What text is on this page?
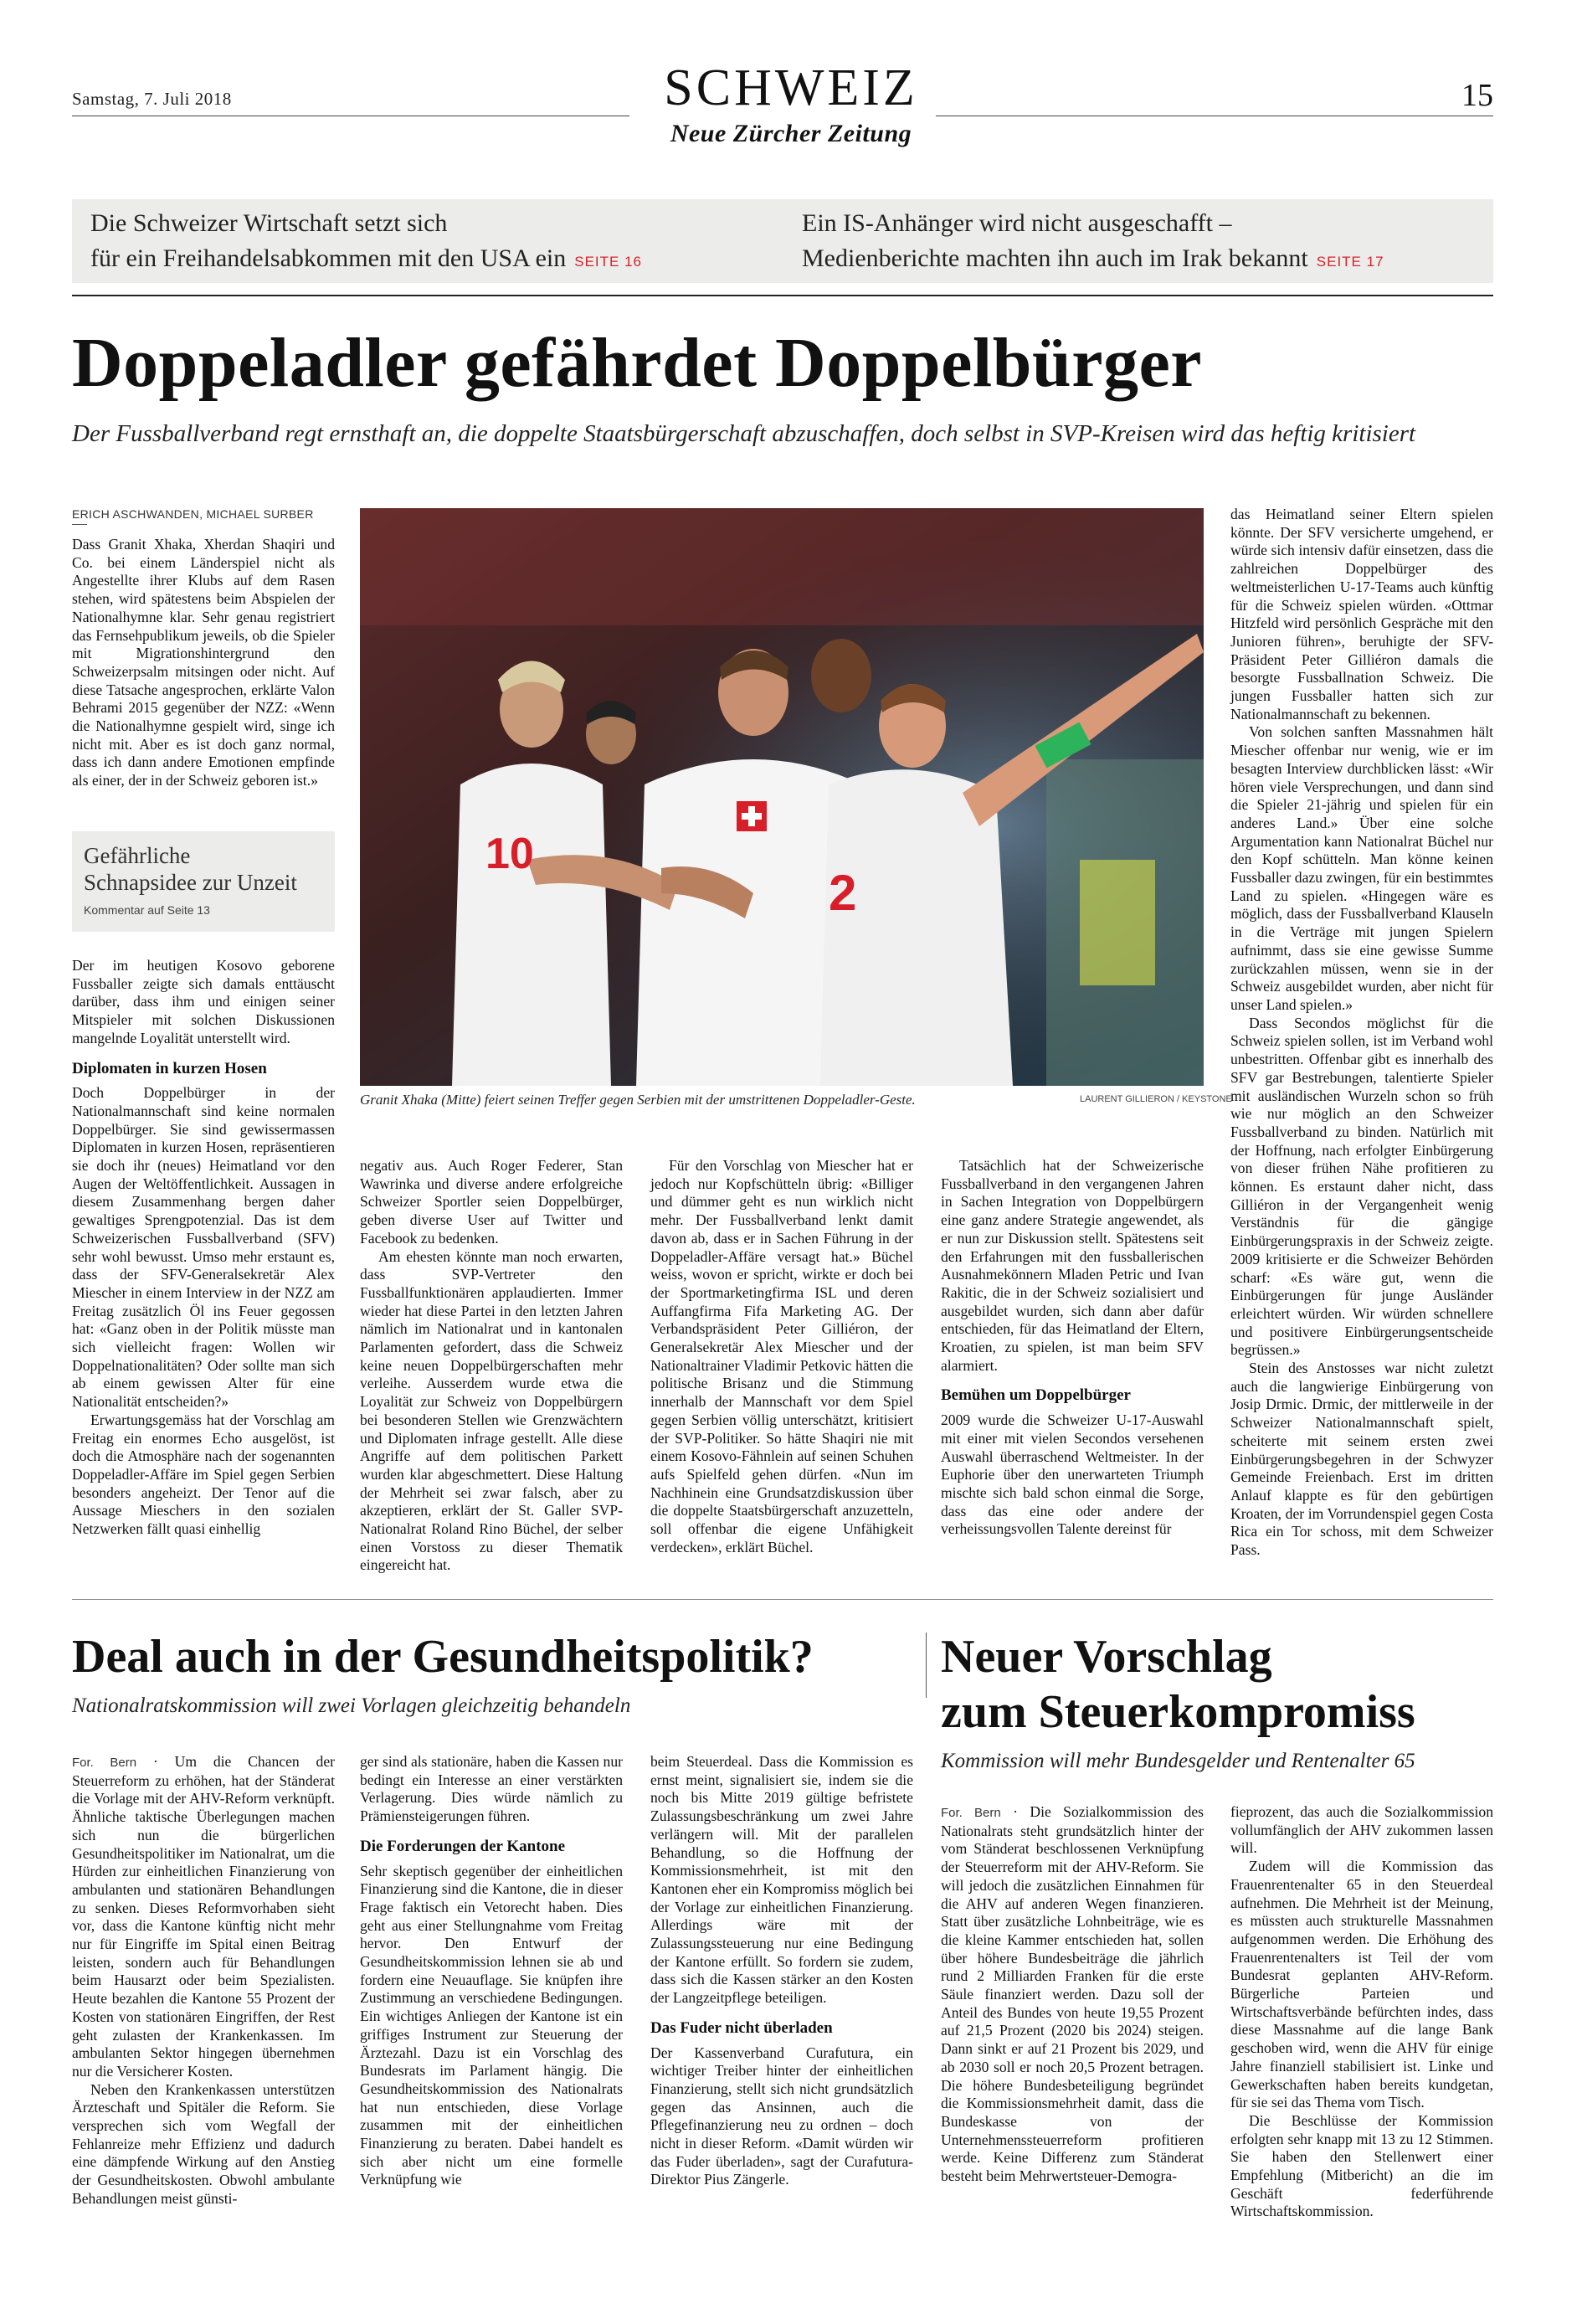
Samstag, 7. Juli 2018	SCHWEIZ
Neue Zürcher Zeitung
15
Die Schweizer Wirtschaft setzt sich
für ein Freihandelsabkommen mit den USA ein SEITE 16
Ein IS-Anhänger wird nicht ausgeschafft –
Medienberichte machten ihn auch im Irak bekannt SEITE 17
Doppeladler gefährdet Doppelbürger
Der Fussballverband regt ernsthaft an, die doppelte Staatsbürgerschaft abzuschaffen, doch selbst in SVP-Kreisen wird das heftig kritisiert
ERICH ASCHWANDEN, MICHAEL SURBER

Dass Granit Xhaka, Xherdan Shaqiri und Co. bei einem Länderspiel nicht als Angestellte ihrer Klubs auf dem Rasen stehen, wird spätestens beim Abspielen der Nationalhymne klar. Sehr genau registriert das Fernsehpublikum jeweils, ob die Spieler mit Migrationshintergrund den Schweizerpsalm mitsingen oder nicht. Auf diese Tatsache angesprochen, erklärte Valon Behrami 2015 gegenüber der NZZ: «Wenn die Nationalhymne gespielt wird, singe ich nicht mit. Aber es ist doch ganz normal, dass ich dann andere Emotionen empfinde als einer, der in der Schweiz geboren ist.»

Gefährliche
Schnapsidee zur Unzeit
Kommentar auf Seite 13

Der im heutigen Kosovo geborene Fussballer zeigte sich damals enttäuscht darüber, dass ihm und einigen seiner Mitspieler mit solchen Diskussionen mangelnde Loyalität unterstellt wird.

Diplomaten in kurzen Hosen

Doch Doppelbürger in der Nationalmannschaft sind keine normalen Doppelbürger. Sie sind gewissermassen Diplomaten in kurzen Hosen, repräsentieren sie doch ihr (neues) Heimatland vor den Augen der Weltöffentlichkeit. Aussagen in diesem Zusammenhang bergen daher gewaltiges Sprengpotenzial. Das ist dem Schweizerischen Fussballverband (SFV) sehr wohl bewusst. Umso mehr erstaunt es, dass der SFV-Generalsekretär Alex Miescher in einem Interview in der NZZ am Freitag zusätzlich Öl ins Feuer gegossen hat: «Ganz oben in der Politik müsste man sich vielleicht fragen: Wollen wir Doppelnationalitäten? Oder sollte man sich ab einem gewissen Alter für eine Nationalität entscheiden?»

Erwartungsgemäss hat der Vorschlag am Freitag ein enormes Echo ausgelöst, ist doch die Atmosphäre nach der sogenannten Doppeladler-Affäre im Spiel gegen Serbien besonders angeheizt. Der Tenor auf die Aussage Mieschers in den sozialen Netzwerken fällt quasi einhellig

10
2
Granit Xhaka (Mitte) feiert seinen Treffer gegen Serbien mit der umstrittenen Doppeladler-Geste.	LAURENT GILLIERON / KEYSTONE

negativ aus. Auch Roger Federer, Stan Wawrinka und diverse andere erfolgreiche Schweizer Sportler seien Doppelbürger, geben diverse User auf Twitter und Facebook zu bedenken.

Am ehesten könnte man noch erwarten, dass SVP-Vertreter den Fussballfunktionären applaudierten. Immer wieder hat diese Partei in den letzten Jahren nämlich im Nationalrat und in kantonalen Parlamenten gefordert, dass die Schweiz keine neuen Doppelbürgerschaften mehr verleihe. Ausserdem wurde etwa die Loyalität zur Schweiz von Doppelbürgern bei besonderen Stellen wie Grenzwächtern und Diplomaten infrage gestellt. Alle diese Angriffe auf dem politischen Parkett wurden klar abgeschmettert. Diese Haltung der Mehrheit sei zwar falsch, aber zu akzeptieren, erklärt der St. Galler SVP-Nationalrat Roland Rino Büchel, der selber einen Vorstoss zu dieser Thematik eingereicht hat.

Für den Vorschlag von Miescher hat er jedoch nur Kopfschütteln übrig: «Billiger und dümmer geht es nun wirklich nicht mehr. Der Fussballverband lenkt damit davon ab, dass er in Sachen Führung in der Doppeladler-Affäre versagt hat.» Büchel weiss, wovon er spricht, wirkte er doch bei der Sportmarketingfirma ISL und deren Auffangfirma Fifa Marketing AG. Der Verbandspräsident Peter Gilliéron, der Generalsekretär Alex Miescher und der Nationaltrainer Vladimir Petkovic hätten die politische Brisanz und die Stimmung innerhalb der Mannschaft vor dem Spiel gegen Serbien völlig unterschätzt, kritisiert der SVP-Politiker. So hätte Shaqiri nie mit einem Kosovo-Fähnlein auf seinen Schuhen aufs Spielfeld gehen dürfen. «Nun im Nachhinein eine Grundsatzdiskussion über die doppelte Staatsbürgerschaft anzuzetteln, soll offenbar die eigene Unfähigkeit verdecken», erklärt Büchel.

Tatsächlich hat der Schweizerische Fussballverband in den vergangenen Jahren in Sachen Integration von Doppelbürgern eine ganz andere Strategie angewendet, als er nun zur Diskussion stellt. Spätestens seit den Erfahrungen mit den fussballerischen Ausnahmekönnern Mladen Petric und Ivan Rakitic, die in der Schweiz sozialisiert und ausgebildet wurden, sich dann aber dafür entschieden, für das Heimatland der Eltern, Kroatien, zu spielen, ist man beim SFV alarmiert.

Bemühen um Doppelbürger

2009 wurde die Schweizer U-17-Auswahl mit einer mit vielen Secondos versehenen Auswahl überraschend Weltmeister. In der Euphorie über den unerwarteten Triumph mischte sich bald schon einmal die Sorge, dass das eine oder andere der verheissungsvollen Talente dereinst für

das Heimatland seiner Eltern spielen könnte. Der SFV versicherte umgehend, er würde sich intensiv dafür einsetzen, dass die zahlreichen Doppelbürger des weltmeisterlichen U-17-Teams auch künftig für die Schweiz spielen würden. «Ottmar Hitzfeld wird persönlich Gespräche mit den Junioren führen», beruhigte der SFV-Präsident Peter Gilliéron damals die besorgte Fussballnation Schweiz. Die jungen Fussballer hatten sich zur Nationalmannschaft zu bekennen.

Von solchen sanften Massnahmen hält Miescher offenbar nur wenig, wie er im besagten Interview durchblicken lässt: «Wir hören viele Versprechungen, und dann sind die Spieler 21-jährig und spielen für ein anderes Land.» Über eine solche Argumentation kann Nationalrat Büchel nur den Kopf schütteln. Man könne keinen Fussballer dazu zwingen, für ein bestimmtes Land zu spielen. «Hingegen wäre es möglich, dass der Fussballverband Klauseln in die Verträge mit jungen Spielern aufnimmt, dass sie eine gewisse Summe zurückzahlen müssen, wenn sie in der Schweiz ausgebildet wurden, aber nicht für unser Land spielen.»

Dass Secondos möglichst für die Schweiz spielen sollen, ist im Verband wohl unbestritten. Offenbar gibt es innerhalb des SFV gar Bestrebungen, talentierte Spieler mit ausländischen Wurzeln schon so früh wie nur möglich an den Schweizer Fussballverband zu binden. Natürlich mit der Hoffnung, nach erfolgter Einbürgerung von dieser frühen Nähe profitieren zu können. Es erstaunt daher nicht, dass Gilliéron in der Vergangenheit wenig Verständnis für die gängige Einbürgerungspraxis in der Schweiz zeigte. 2009 kritisierte er die Schweizer Behörden scharf: «Es wäre gut, wenn die Einbürgerungen für junge Ausländer erleichtert würden. Wir würden schnellere und positivere Einbürgerungsentscheide begrüssen.»

Stein des Anstosses war nicht zuletzt auch die langwierige Einbürgerung von Josip Drmic. Drmic, der mittlerweile in der Schweizer Nationalmannschaft spielt, scheiterte mit seinem ersten zwei Einbürgerungsbegehren in der Schwyzer Gemeinde Freienbach. Erst im dritten Anlauf klappte es für den gebürtigen Kroaten, der im Vorrundenspiel gegen Costa Rica ein Tor schoss, mit dem Schweizer Pass.

Deal auch in der Gesundheitspolitik?
Nationalratskommission will zwei Vorlagen gleichzeitig behandeln

For. Bern · Um die Chancen der Steuerreform zu erhöhen, hat der Ständerat die Vorlage mit der AHV-Reform verknüpft. Ähnliche taktische Überlegungen machen sich nun die bürgerlichen Gesundheitspolitiker im Nationalrat, um die Hürden zur einheitlichen Finanzierung von ambulanten und stationären Behandlungen zu senken. Dieses Reformvorhaben sieht vor, dass die Kantone künftig nicht mehr nur für Eingriffe im Spital einen Beitrag leisten, sondern auch für Behandlungen beim Hausarzt oder beim Spezialisten. Heute bezahlen die Kantone 55 Prozent der Kosten von stationären Eingriffen, der Rest geht zulasten der Krankenkassen. Im ambulanten Sektor hingegen übernehmen nur die Versicherer Kosten.

Neben den Krankenkassen unterstützen Ärzteschaft und Spitäler die Reform. Sie versprechen sich vom Wegfall der Fehlanreize mehr Effizienz und dadurch eine dämpfende Wirkung auf den Anstieg der Gesundheitskosten. Obwohl ambulante Behandlungen meist günsti-

ger sind als stationäre, haben die Kassen nur bedingt ein Interesse an einer verstärkten Verlagerung. Dies würde nämlich zu Prämiensteigerungen führen.

Die Forderungen der Kantone

Sehr skeptisch gegenüber der einheitlichen Finanzierung sind die Kantone, die in dieser Frage faktisch ein Vetorecht haben. Dies geht aus einer Stellungnahme vom Freitag hervor. Den Entwurf der Gesundheitskommission lehnen sie ab und fordern eine Neuauflage. Sie knüpfen ihre Zustimmung an verschiedene Bedingungen. Ein wichtiges Anliegen der Kantone ist ein griffiges Instrument zur Steuerung der Ärztezahl. Dazu ist ein Vorschlag des Bundesrats im Parlament hängig. Die Gesundheitskommission des Nationalrats hat nun entschieden, diese Vorlage zusammen mit der einheitlichen Finanzierung zu beraten. Dabei handelt es sich aber nicht um eine formelle Verknüpfung wie

beim Steuerdeal. Dass die Kommission es ernst meint, signalisiert sie, indem sie die noch bis Mitte 2019 gültige befristete Zulassungsbeschränkung um zwei Jahre verlängern will. Mit der parallelen Behandlung, so die Hoffnung der Kommissionsmehrheit, ist mit den Kantonen eher ein Kompromiss möglich bei der Vorlage zur einheitlichen Finanzierung. Allerdings wäre mit der Zulassungssteuerung nur eine Bedingung der Kantone erfüllt. So fordern sie zudem, dass sich die Kassen stärker an den Kosten der Langzeitpflege beteiligen.

Das Fuder nicht überladen

Der Kassenverband Curafutura, ein wichtiger Treiber hinter der einheitlichen Finanzierung, stellt sich nicht grundsätzlich gegen das Ansinnen, auch die Pflegefinanzierung neu zu ordnen – doch nicht in dieser Reform. «Damit würden wir das Fuder überladen», sagt der Curafutura-Direktor Pius Zängerle.

Neuer Vorschlag
zum Steuerkompromiss
Kommission will mehr Bundesgelder und Rentenalter 65

For. Bern · Die Sozialkommission des Nationalrats steht grundsätzlich hinter der vom Ständerat beschlossenen Verknüpfung der Steuerreform mit der AHV-Reform. Sie will jedoch die zusätzlichen Einnahmen für die AHV auf anderen Wegen finanzieren. Statt über zusätzliche Lohnbeiträge, wie es die kleine Kammer entschieden hat, sollen über höhere Bundesbeiträge die jährlich rund 2 Milliarden Franken für die erste Säule finanziert werden. Dazu soll der Anteil des Bundes von heute 19,55 Prozent auf 21,5 Prozent (2020 bis 2024) steigen. Dann sinkt er auf 21 Prozent bis 2029, und ab 2030 soll er noch 20,5 Prozent betragen. Die höhere Bundesbeteiligung begründet die Kommissionsmehrheit damit, dass die Bundeskasse von der Unternehmenssteuerreform profitieren werde. Keine Differenz zum Ständerat besteht beim Mehrwertsteuer-Demogra-

fieprozent, das auch die Sozialkommission vollumfänglich der AHV zukommen lassen will.

Zudem will die Kommission das Frauenrentenalter 65 in den Steuerdeal aufnehmen. Die Mehrheit ist der Meinung, es müssten auch strukturelle Massnahmen aufgenommen werden. Die Erhöhung des Frauenrentenalters ist Teil der vom Bundesrat geplanten AHV-Reform. Bürgerliche Parteien und Wirtschaftsverbände befürchten indes, dass diese Massnahme auf die lange Bank geschoben wird, wenn die AHV für einige Jahre finanziell stabilisiert ist. Linke und Gewerkschaften haben bereits kundgetan, für sie sei das Thema vom Tisch.

Die Beschlüsse der Kommission erfolgten sehr knapp mit 13 zu 12 Stimmen. Sie haben den Stellenwert einer Empfehlung (Mitbericht) an die im Geschäft federführende Wirtschaftskommission.
